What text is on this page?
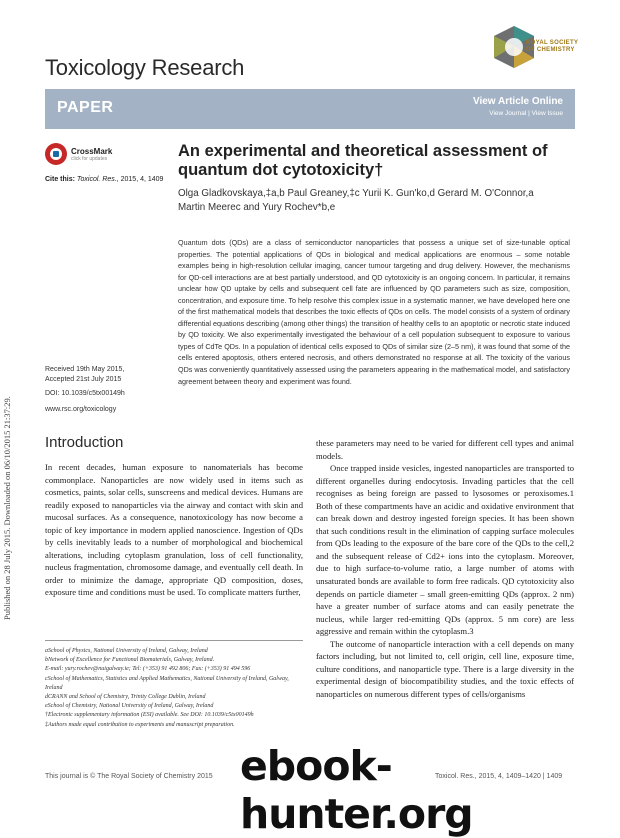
Published on 28 July 2015. Downloaded on 06/10/2015 21:37:29.
Toxicology Research
ROYAL SOCIETY
OF CHEMISTRY
PAPER	View Article Online
View Journal | View Issue
CrossMark
click for updates
Cite this: Toxicol. Res., 2015, 4, 1409
An experimental and theoretical assessment of quantum dot cytotoxicity†
Olga Gladkovskaya,‡a,b Paul Greaney,‡c Yurii K. Gun'ko,d Gerard M. O'Connor,a
Martin Meerec and Yury Rochev*b,e
Quantum dots (QDs) are a class of semiconductor nanoparticles that possess a unique set of size-tunable optical properties. The potential applications of QDs in biological and medical applications are enormous – some notable examples being in high-resolution cellular imaging, cancer tumour targeting and drug delivery. However, the mechanisms for QD-cell interactions are at best partially understood, and QD cytotoxicity is an ongoing concern. In particular, it remains unclear how QD uptake by cells and subsequent cell fate are influenced by QD parameters such as size, composition, concentration, and exposure time. To help resolve this complex issue in a systematic manner, we have developed here one of the first mathematical models that describes the toxic effects of QDs on cells. The model consists of a system of ordinary differential equations describing (among other things) the transition of healthy cells to an apoptotic or necrotic state induced by QD toxicity. We also experimentally investigated the behaviour of a cell population subsequent to exposure to various types of CdTe QDs. In a population of identical cells exposed to QDs of similar size (2–5 nm), it was found that some of the cells entered apoptosis, others entered necrosis, and others demonstrated no response at all. The toxicity of the various QDs was conveniently quantitatively assessed using the parameters appearing in the mathematical model, and satisfactory agreement between theory and experiment was found.
Received 19th May 2015,
Accepted 21st July 2015
DOI: 10.1039/c5tx00149h
www.rsc.org/toxicology
Introduction

In recent decades, human exposure to nanomaterials has become commonplace. Nanoparticles are now widely used in items such as cosmetics, paints, solar cells, sunscreens and medical devices. Humans are readily exposed to nanoparticles via the airway and contact with skin and mucosal surfaces. As a consequence, nanotoxicology has now become a topic of key importance in modern applied nanoscience. Ingestion of QDs by cells inevitably leads to a number of morphological and biochemical alterations, including cytoplasm granulation, loss of cell functionality, nucleus fragmentation, chromosome damage, and eventually cell death. In order to minimize the damage, appropriate QD composition, doses, exposure time and conditions must be used. To complicate matters further,

these parameters may need to be varied for different cell types and animal models.

Once trapped inside vesicles, ingested nanoparticles are transported to different organelles during endocytosis. Invading particles that the cell recognises as being foreign are passed to lysosomes or peroxisomes.1 Both of these compartments have an acidic and oxidative environment that can break down and destroy ingested foreign species. It has been shown that such conditions result in the elimination of capping surface molecules from QDs leading to the exposure of the bare core of the QDs to the cell,2 and the subsequent release of Cd2+ ions into the cytoplasm. Moreover, due to high surface-to-volume ratio, a large number of atoms with unsaturated bonds are available to form free radicals. QD cytotoxicity also depends on particle diameter – small green-emitting QDs (approx. 2 nm) have a greater number of surface atoms and can easily penetrate the nucleus, while larger red-emitting QDs (approx. 5 nm core) are less aggressive and remain within the cytoplasm.3

The outcome of nanoparticle interaction with a cell depends on many factors including, but not limited to, cell origin, cell line, exposure time, culture conditions, and nanoparticle type. There is a large diversity in the experimental design of biocompatibility studies, and the toxic effects of nanoparticles on numerous different types of cells/organisms

aSchool of Physics, National University of Ireland, Galway, Ireland
bNetwork of Excellence for Functional Biomaterials, Galway, Ireland.
E-mail: yury.rochev@nuigalway.ie; Tel: (+353) 91 492 806; Fax: (+353) 91 494 596
cSchool of Mathematics, Statistics and Applied Mathematics, National University of Ireland, Galway, Ireland
dCRANN and School of Chemistry, Trinity College Dublin, Ireland
eSchool of Chemistry, National University of Ireland, Galway, Ireland
†Electronic supplementary information (ESI) available. See DOI: 10.1039/c5tx00149h
‡Authors made equal contribution to experiments and manuscript preparation.
This journal is © The Royal Society of Chemistry 2015	Toxicol. Res., 2015, 4, 1409–1420 | 1409
ebook-hunter.org
